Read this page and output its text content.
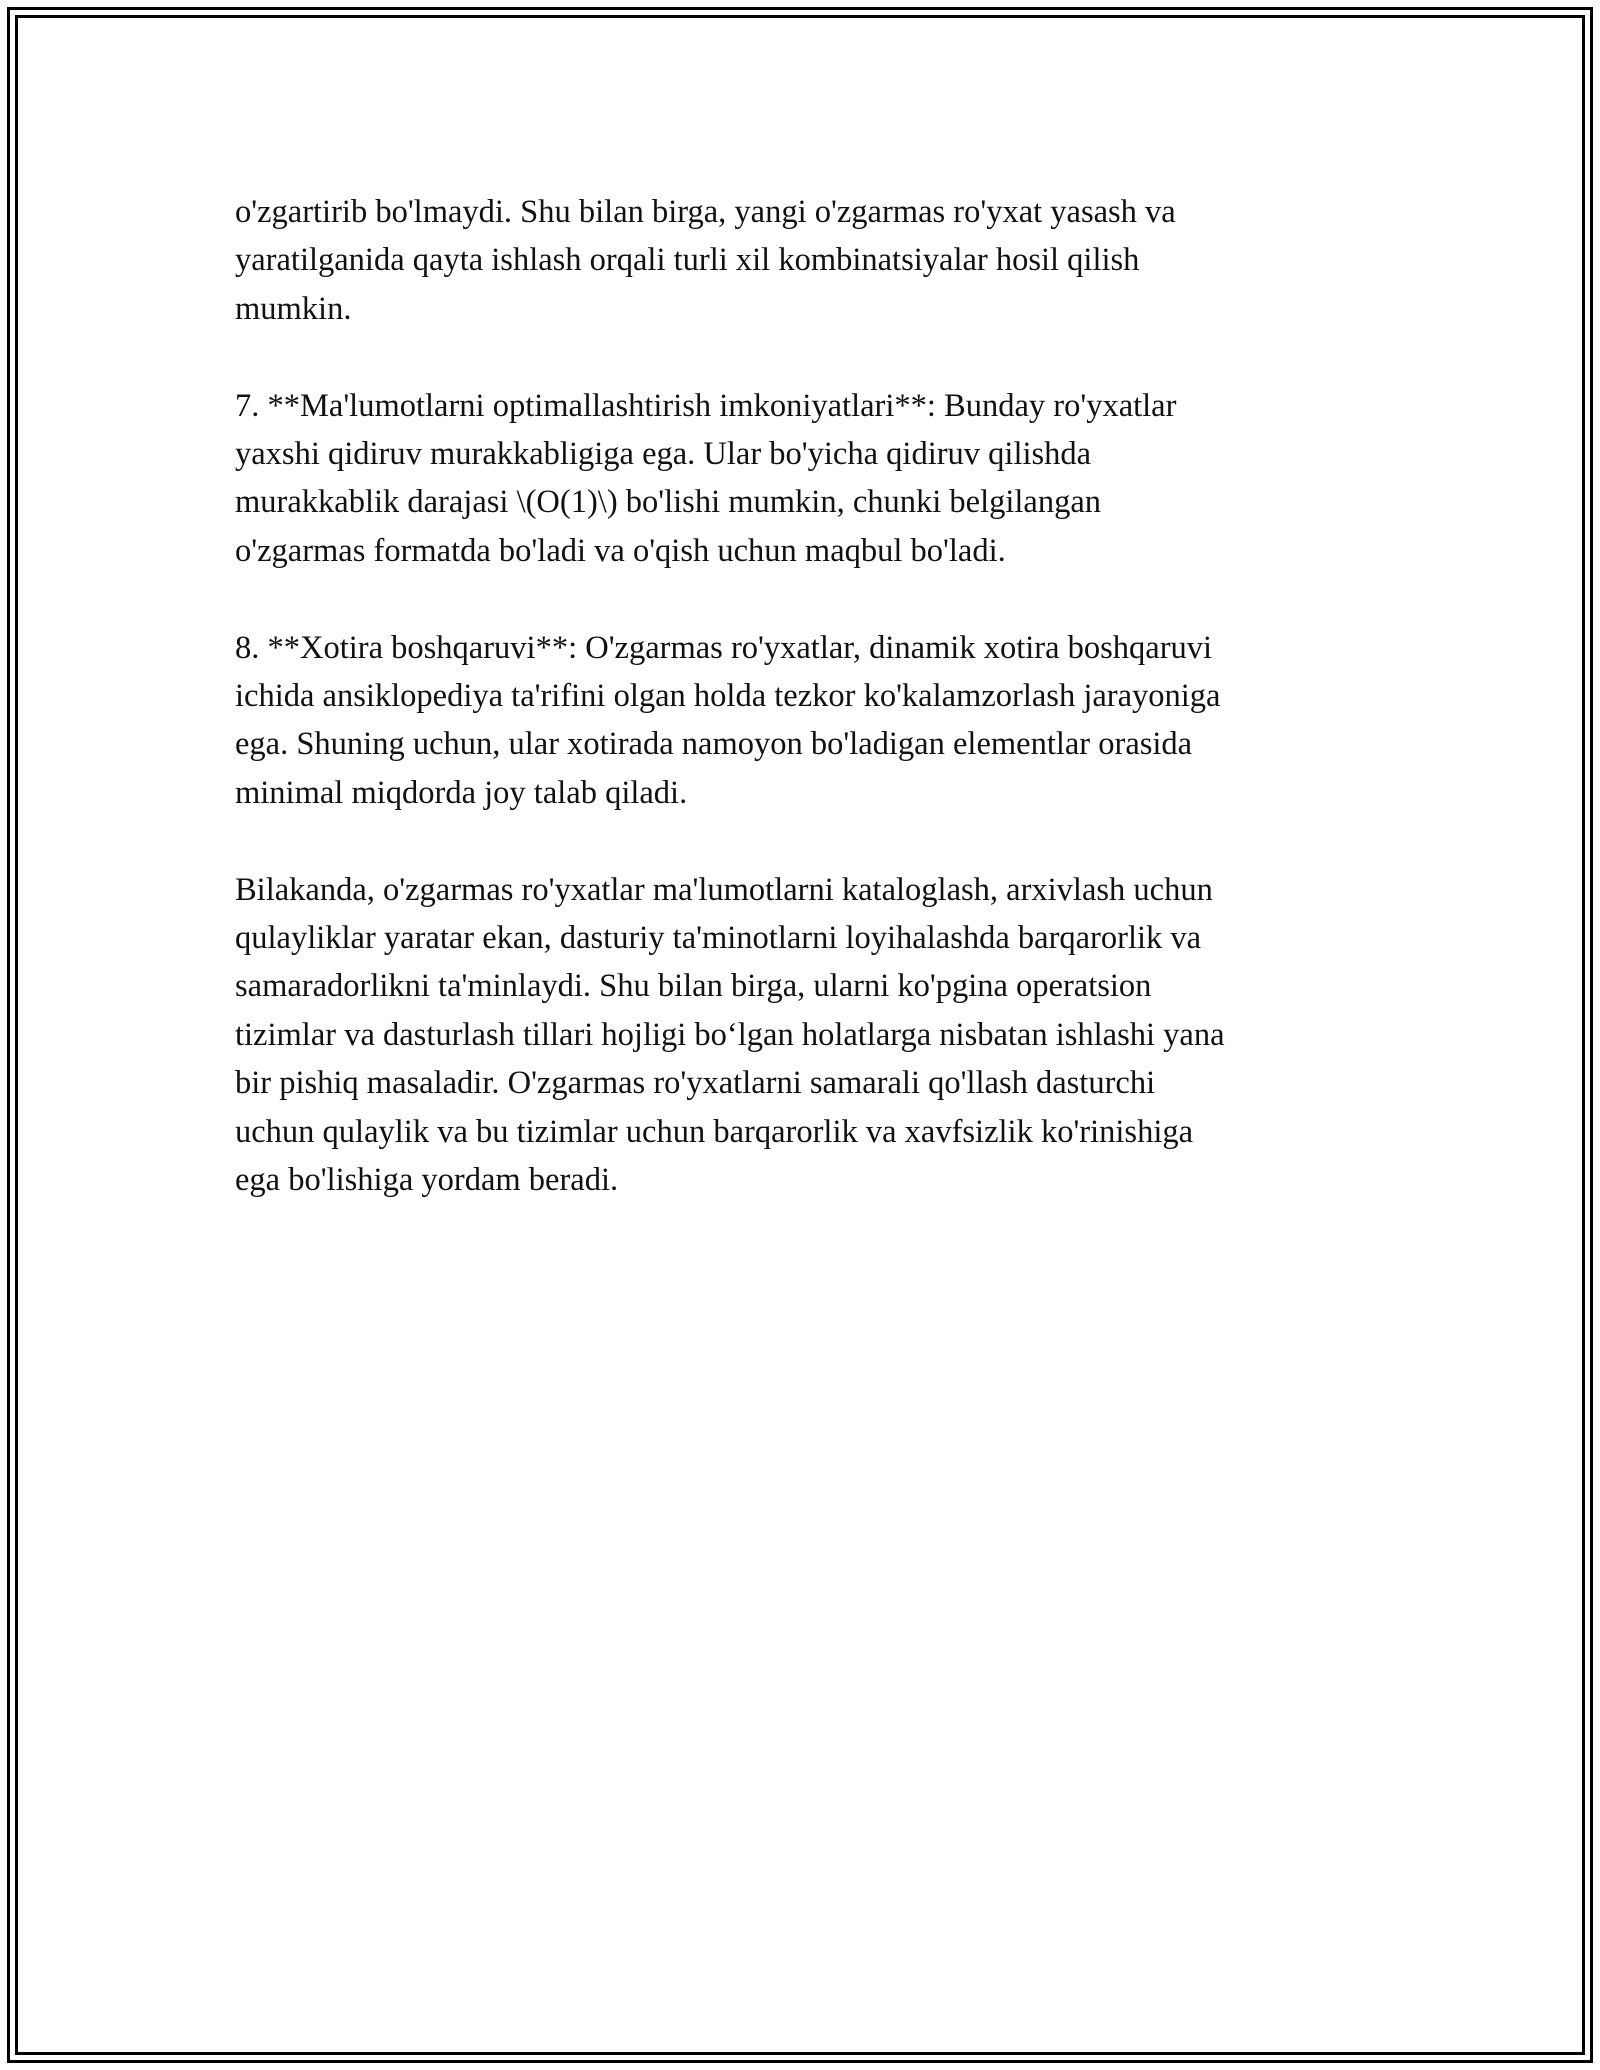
o'zgartirib bo'lmaydi. Shu bilan birga, yangi o'zgarmas ro'yxat yasash va
yaratilganida qayta ishlash orqali turli xil kombinatsiyalar hosil qilish
mumkin.

7. **Ma'lumotlarni optimallashtirish imkoniyatlari**: Bunday ro'yxatlar
yaxshi qidiruv murakkabligiga ega. Ular bo'yicha qidiruv qilishda
murakkablik darajasi \(O(1)\) bo'lishi mumkin, chunki belgilangan
o'zgarmas formatda bo'ladi va o'qish uchun maqbul bo'ladi.

8. **Xotira boshqaruvi**: O'zgarmas ro'yxatlar, dinamik xotira boshqaruvi
ichida ansiklopediya ta'rifini olgan holda tezkor ko'kalamzorlash jarayoniga
ega. Shuning uchun, ular xotirada namoyon bo'ladigan elementlar orasida
minimal miqdorda joy talab qiladi.

Bilakanda, o'zgarmas ro'yxatlar ma'lumotlarni kataloglash, arxivlash uchun
qulayliklar yaratar ekan, dasturiy ta'minotlarni loyihalashda barqarorlik va
samaradorlikni ta'minlaydi. Shu bilan birga, ularni ko'pgina operatsion
tizimlar va dasturlash tillari hojligi bo‘lgan holatlarga nisbatan ishlashi yana
bir pishiq masaladir. O'zgarmas ro'yxatlarni samarali qo'llash dasturchi
uchun qulaylik va bu tizimlar uchun barqarorlik va xavfsizlik ko'rinishiga
ega bo'lishiga yordam beradi.
